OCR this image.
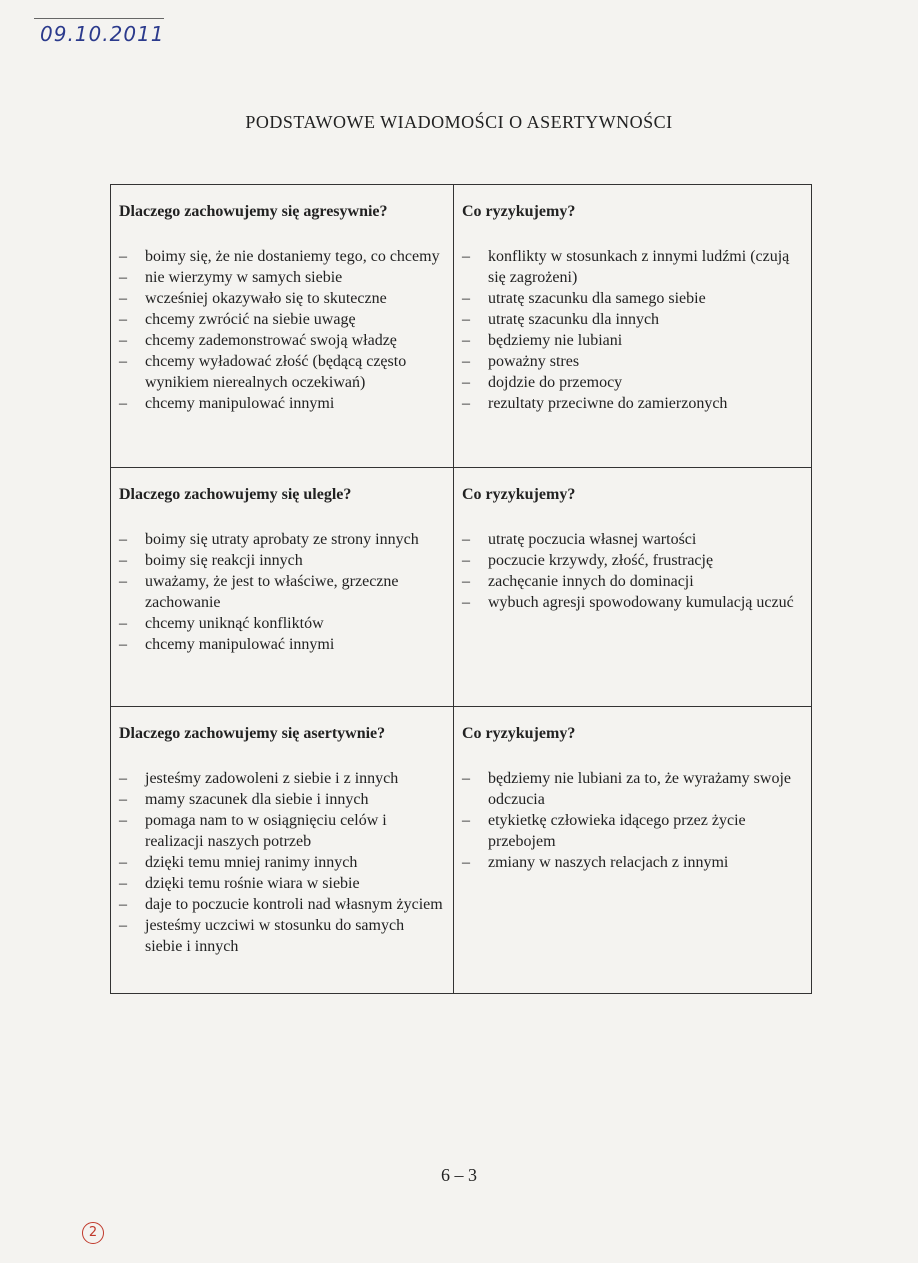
09.10.2011
PODSTAWOWE WIADOMOŚCI O ASERTYWNOŚCI
Dlaczego zachowujemy się agresywnie?
– boimy się, że nie dostaniemy tego, co chcemy
– nie wierzymy w samych siebie
– wcześniej okazywało się to skuteczne
– chcemy zwrócić na siebie uwagę
– chcemy zademonstrować swoją władzę
– chcemy wyładować złość (będącą często wynikiem nierealnych oczekiwań)
– chcemy manipulować innymi
Co ryzykujemy?
– konflikty w stosunkach z innymi ludźmi (czują się zagrożeni)
– utratę szacunku dla samego siebie
– utratę szacunku dla innych
– będziemy nie lubiani
– poważny stres
– dojdzie do przemocy
– rezultaty przeciwne do zamierzonych
Dlaczego zachowujemy się ulegle?
– boimy się utraty aprobaty ze strony innych
– boimy się reakcji innych
– uważamy, że jest to właściwe, grzeczne zachowanie
– chcemy uniknąć konfliktów
– chcemy manipulować innymi
Co ryzykujemy?
– utratę poczucia własnej wartości
– poczucie krzywdy, złość, frustrację
– zachęcanie innych do dominacji
– wybuch agresji spowodowany kumulacją uczuć
Dlaczego zachowujemy się asertywnie?
– jesteśmy zadowoleni z siebie i z innych
– mamy szacunek dla siebie i innych
– pomaga nam to w osiągnięciu celów i realizacji naszych potrzeb
– dzięki temu mniej ranimy innych
– dzięki temu rośnie wiara w siebie
– daje to poczucie kontroli nad własnym życiem
– jesteśmy uczciwi w stosunku do samych siebie i innych
Co ryzykujemy?
– będziemy nie lubiani za to, że wyrażamy swoje odczucia
– etykietkę człowieka idącego przez życie przebojem
– zmiany w naszych relacjach z innymi
6 – 3
2
